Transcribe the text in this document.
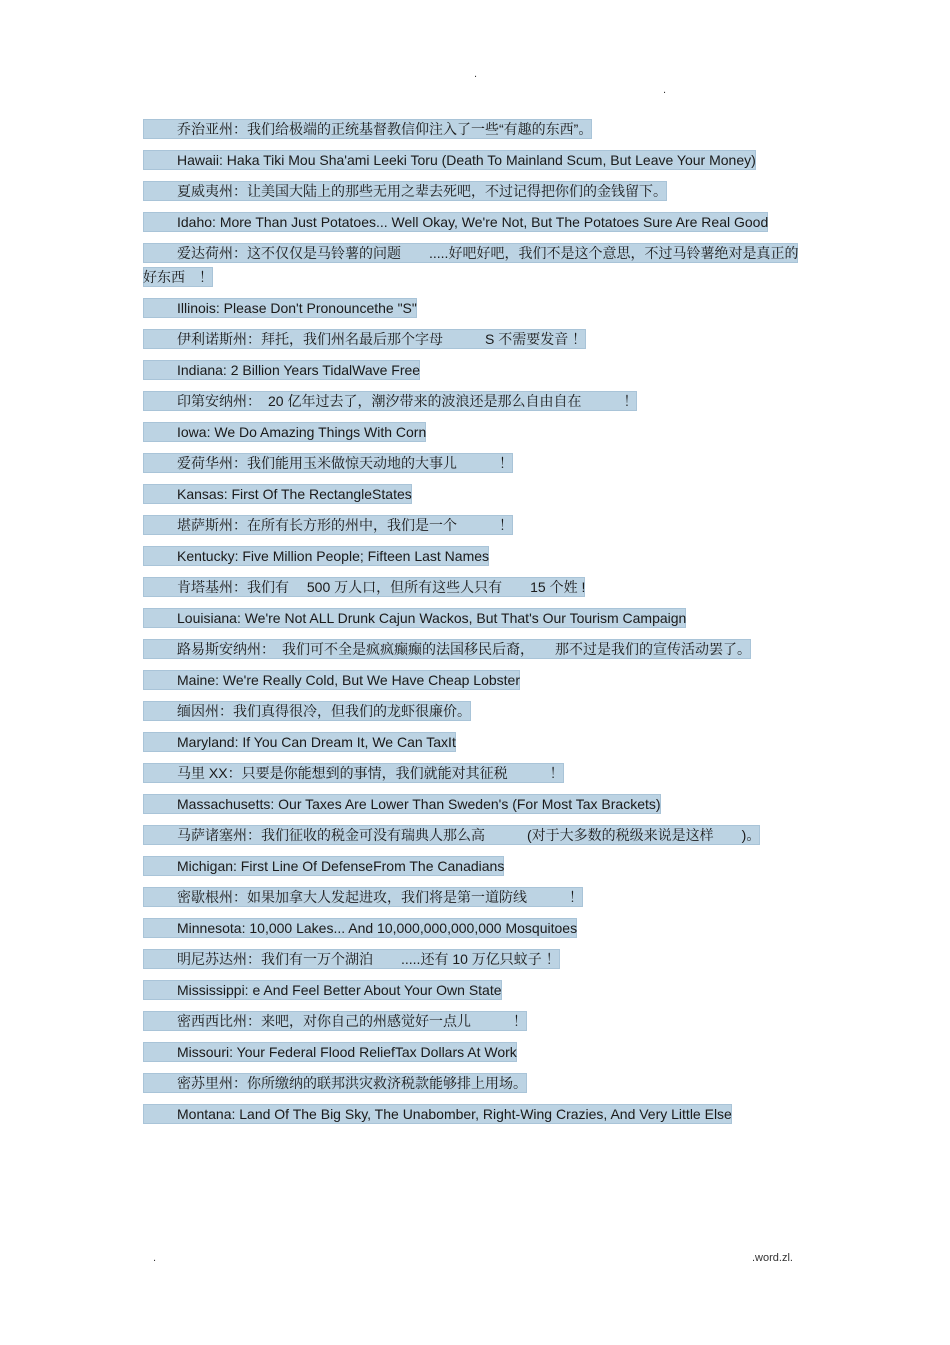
.
.
乔治亚州：我们给极端的正统基督教信仰注入了一些“有趣的东西”。
Hawaii: Haka Tiki Mou Sha'ami Leeki Toru (Death To Mainland Scum, But Leave Your Money)
夏威夷州：让美国大陆上的那些无用之辈去死吧，不过记得把你们的金钱留下。
Idaho: More Than Just Potatoes... Well Okay, We're Not, But The Potatoes Sure Are Real Good
爱达荷州：这不仅仅是马铃薯的问题　　.....好吧好吧，我们不是这个意思，不过马铃薯绝对是真正的好东西　！
Illinois: Please Don't Pronouncethe "S"
伊利诺斯州：拜托，我们州名最后那个字母　　　S 不需要发音 ！
Indiana: 2 Billion Years TidalWave Free
印第安纳州：　20 亿年过去了，潮汐带来的波浪还是那么自由自在　　　！
Iowa: We Do Amazing Things With Corn
爱荷华州：我们能用玉米做惊天动地的大事儿　　　！
Kansas: First Of The RectangleStates
堪萨斯州：在所有长方形的州中，我们是一个　　　！
Kentucky: Five Million People; Fifteen Last Names
肯塔基州：我们有　 500 万人口，但所有这些人只有　　15 个姓 !
Louisiana: We're Not ALL Drunk Cajun Wackos, But That's Our Tourism Campaign
路易斯安纳州：　我们可不全是疯疯癫癫的法国移民后裔，　　那不过是我们的宣传活动罢了。
Maine: We're Really Cold, But We Have Cheap Lobster
缅因州：我们真得很冷，但我们的龙虾很廉价。
Maryland: If You Can Dream It, We Can TaxIt
马里 XX：只要是你能想到的事情，我们就能对其征税　　　！
Massachusetts: Our Taxes Are Lower Than Sweden's (For Most Tax Brackets)
马萨诸塞州：我们征收的税金可没有瑞典人那么高　　　(对于大多数的税级来说是这样　　)。
Michigan: First Line Of DefenseFrom The Canadians
密歇根州：如果加拿大人发起进攻，我们将是第一道防线　　　！
Minnesota: 10,000 Lakes... And 10,000,000,000,000 Mosquitoes
明尼苏达州：我们有一万个湖泊　　.....还有 10 万亿只蚊子 ！
Mississippi: e And Feel Better About Your Own State
密西西比州：来吧，对你自己的州感觉好一点儿　　　！
Missouri: Your Federal Flood ReliefTax Dollars At Work
密苏里州：你所缴纳的联邦洪灾救济税款能够排上用场。
Montana: Land Of The Big Sky, The Unabomber, Right-Wing Crazies, And Very Little Else
.	.word.zl.
